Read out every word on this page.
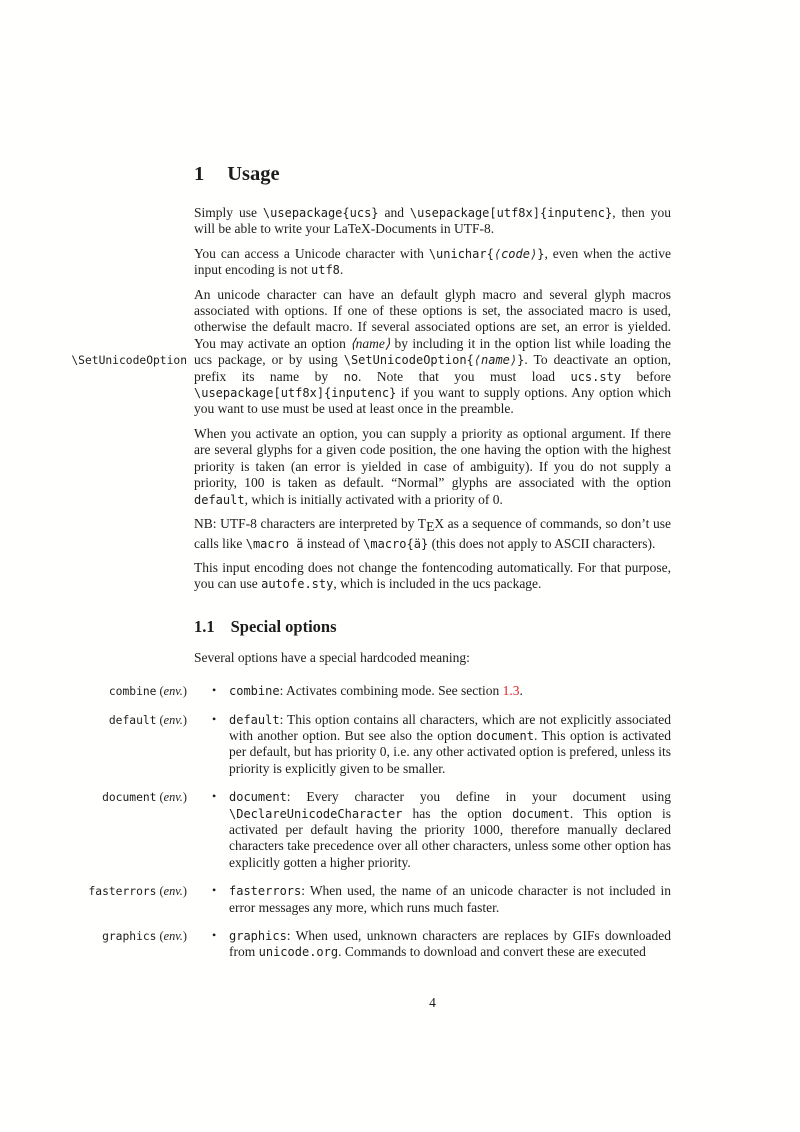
1 Usage

Simply use \usepackage{ucs} and \usepackage[utf8x]{inputenc}, then you will be able to write your LaTeX-Documents in UTF-8.

You can access a Unicode character with \unichar{⟨code⟩}, even when the active input encoding is not utf8.

\SetUnicodeOption

An unicode character can have an default glyph macro and several glyph macros associated with options. If one of these options is set, the associated macro is used, otherwise the default macro. If several associated options are set, an error is yielded. You may activate an option ⟨name⟩ by including it in the option list while loading the ucs package, or by using \SetUnicodeOption{⟨name⟩}. To deactivate an option, prefix its name by no. Note that you must load ucs.sty before \usepackage[utf8x]{inputenc} if you want to supply options. Any option which you want to use must be used at least once in the preamble.

When you activate an option, you can supply a priority as optional argument. If there are several glyphs for a given code position, the one having the option with the highest priority is taken (an error is yielded in case of ambiguity). If you do not supply a priority, 100 is taken as default. “Normal” glyphs are associated with the option default, which is initially activated with a priority of 0.

NB: UTF-8 characters are interpreted by TEX as a sequence of commands, so don’t use calls like \macro ä instead of \macro{ä} (this does not apply to ASCII characters).

This input encoding does not change the fontencoding automatically. For that purpose, you can use autofe.sty, which is included in the ucs package.

1.1 Special options

Several options have a special hardcoded meaning:

combine (env.) • combine: Activates combining mode. See section 1.3.
default (env.) • default: This option contains all characters, which are not explicitly associated with another option. But see also the option document. This option is activated per default, but has priority 0, i.e. any other activated option is prefered, unless its priority is explicitly given to be smaller.
document (env.) • document: Every character you define in your document using \DeclareUnicodeCharacter has the option document. This option is activated per default having the priority 1000, therefore manually declared characters take precedence over all other characters, unless some other option has explicitly gotten a higher priority.
fasterrors (env.) • fasterrors: When used, the name of an unicode character is not included in error messages any more, which runs much faster.
graphics (env.) • graphics: When used, unknown characters are replaces by GIFs downloaded from unicode.org. Commands to download and convert these are executed
4
